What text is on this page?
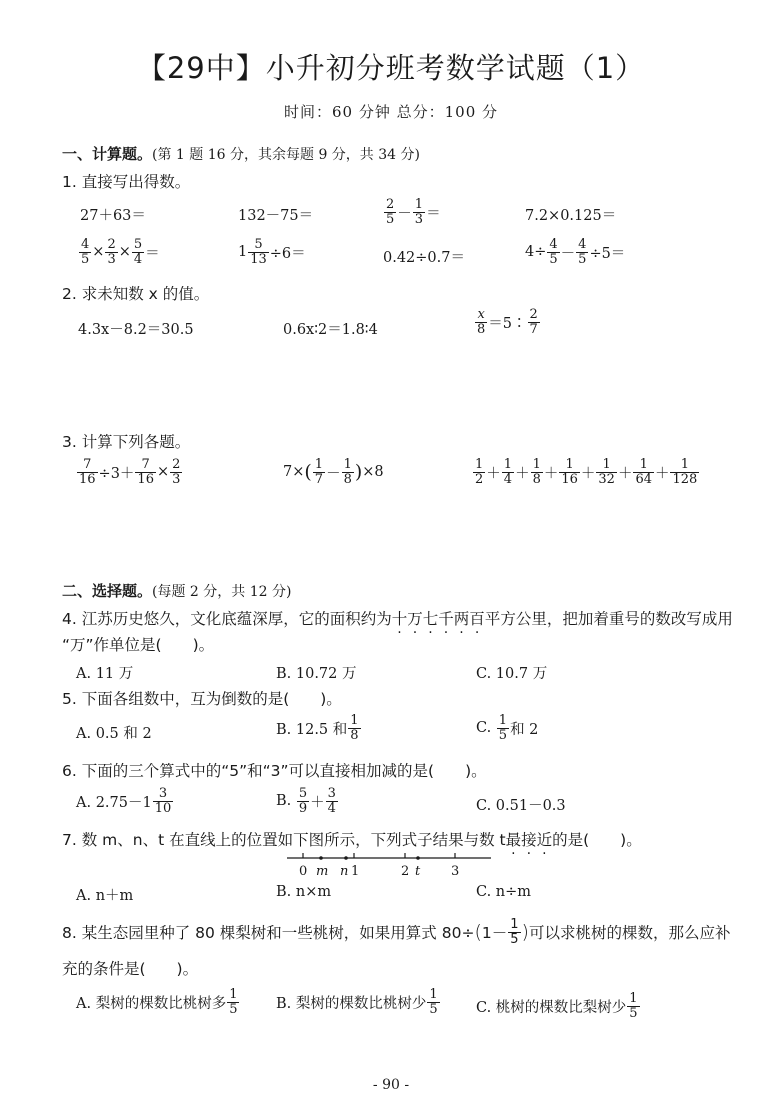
【29中】小升初分班考数学试题（1）
时间：60 分钟 总分：100 分
一、计算题。(第 1 题 16 分，其余每题 9 分，共 34 分)
1. 直接写出得数。
27＋63＝	132－75＝	$\frac{2}{5} - \frac{1}{3}$ ＝	7.2×0.125＝
$\frac{4}{5} \times \frac{2}{3} \times \frac{5}{4}$ ＝	$1 \frac{5}{13} \div 6=$	0.42÷0.7＝	$4\div \frac{4}{5} - \frac{4}{5} \div 5=$
2. 求未知数 x 的值。
4.3x－8.2＝30.5	0.6x∶2＝1.8∶4	$\frac{x}{8}$ ＝5∶ $\frac{2}{7}$
3. 计算下列各题。
$\frac{7}{16} \div 3+ \frac{7}{16} \times \frac{2}{3}$	7× ( $\frac{1}{7} - \frac{1}{8}$ ) ×8	$\frac{1}{2} + \frac{1}{4} + \frac{1}{8} + \frac{1}{16} + \frac{1}{32} + \frac{1}{64} + \frac{1}{128}$
二、选择题。(每题 2 分，共 12 分)
4. 江苏历史悠久，文化底蕴深厚，它的面积约为十万七千两百平方公里，把加着重号的数改写成用
“万”作单位是(　　)。
A. 11 万	B. 10.72 万	C. 10.7 万
5. 下面各组数中，互为倒数的是(　　)。
A. 0.5 和 2	B. 12.5 和 $\frac{1}{8}$	C.
$\frac{1}{5}$ 和 2
6. 下面的三个算式中的“5”和“3”可以直接相加减的是(　　)。
A. $2.75-1 \frac{3}{10}$	B.
$\frac{5}{9} + \frac{3}{4}$	C. 0.51－0.3
7. 数 m、n、t 在直线上的位置如下图所示，下列式子结果与数 t最接近的是(　　)。
0 m n 1	2 t 3
A. n＋m	B. n×m	C. n÷m
8. 某生态园里种了 80 棵梨树和一些桃树，如果用算式 80÷ ( $1- \frac{1}{5}$ ) 可以求桃树的棵数，那么应补
充的条件是(　　)。
A. 梨树的棵数比桃树多 $\frac{1}{5}$	B. 梨树的棵数比桃树少 $\frac{1}{5}$	C. 桃树的棵数比梨树少 $\frac{1}{5}$
- 90 -
